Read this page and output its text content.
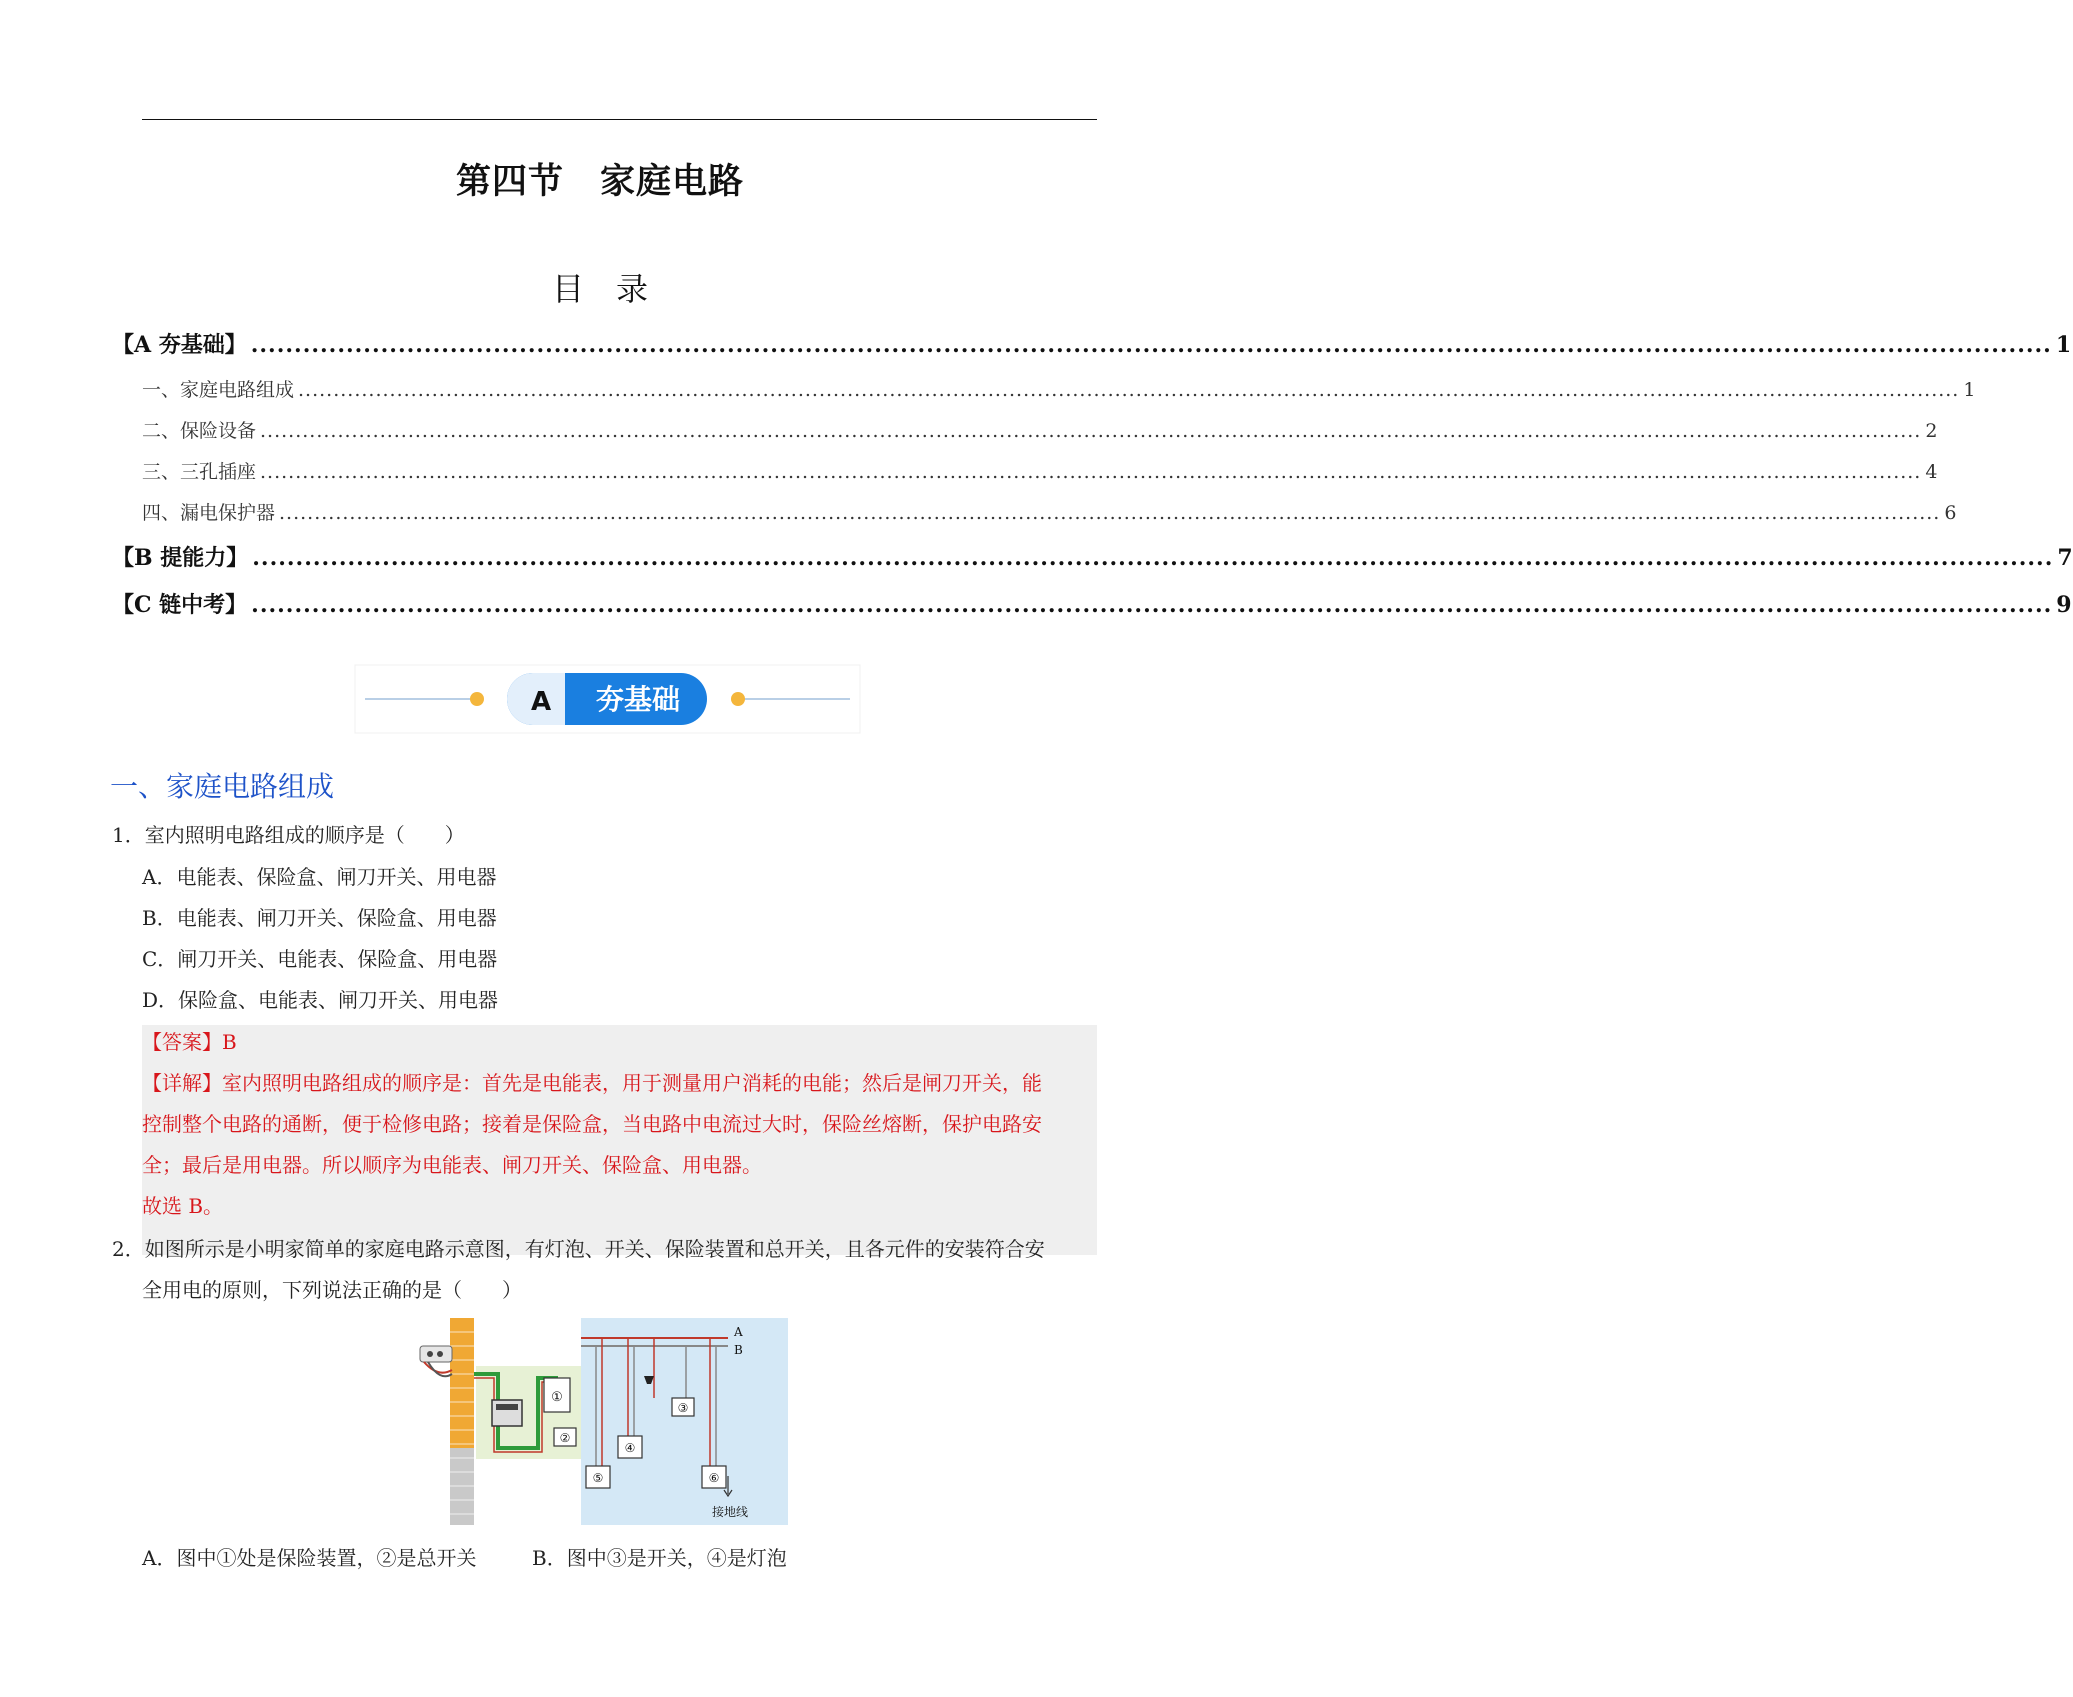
第四节　家庭电路
目　录
【A 夯基础】 ................................................................................................................................................................................................................ 1
一、家庭电路组成 ............................................................................................................................................................................................................................................ 1
二、保险设备 ............................................................................................................................................................................................................................................ 2
三、三孔插座 ............................................................................................................................................................................................................................................ 4
四、漏电保护器 ............................................................................................................................................................................................................................................ 6
【B 提能力】 ................................................................................................................................................................................................................ 7
【C 链中考】 ................................................................................................................................................................................................................ 9
A 夯基础
一、家庭电路组成
1．室内照明电路组成的顺序是（　　）
A．电能表、保险盒、闸刀开关、用电器
B．电能表、闸刀开关、保险盒、用电器
C．闸刀开关、电能表、保险盒、用电器
D．保险盒、电能表、闸刀开关、用电器
【答案】B
【详解】室内照明电路组成的顺序是：首先是电能表，用于测量用户消耗的电能；然后是闸刀开关，能
控制整个电路的通断，便于检修电路；接着是保险盒，当电路中电流过大时，保险丝熔断，保护电路安
全；最后是用电器。所以顺序为电能表、闸刀开关、保险盒、用电器。
故选 B。
2．如图所示是小明家简单的家庭电路示意图，有灯泡、开关、保险装置和总开关，且各元件的安装符合安
全用电的原则，下列说法正确的是（　　）
①
②
A
B
③
④
⑤	⑥
接地线
A．图中①处是保险装置，②是总开关	B．图中③是开关，④是灯泡
